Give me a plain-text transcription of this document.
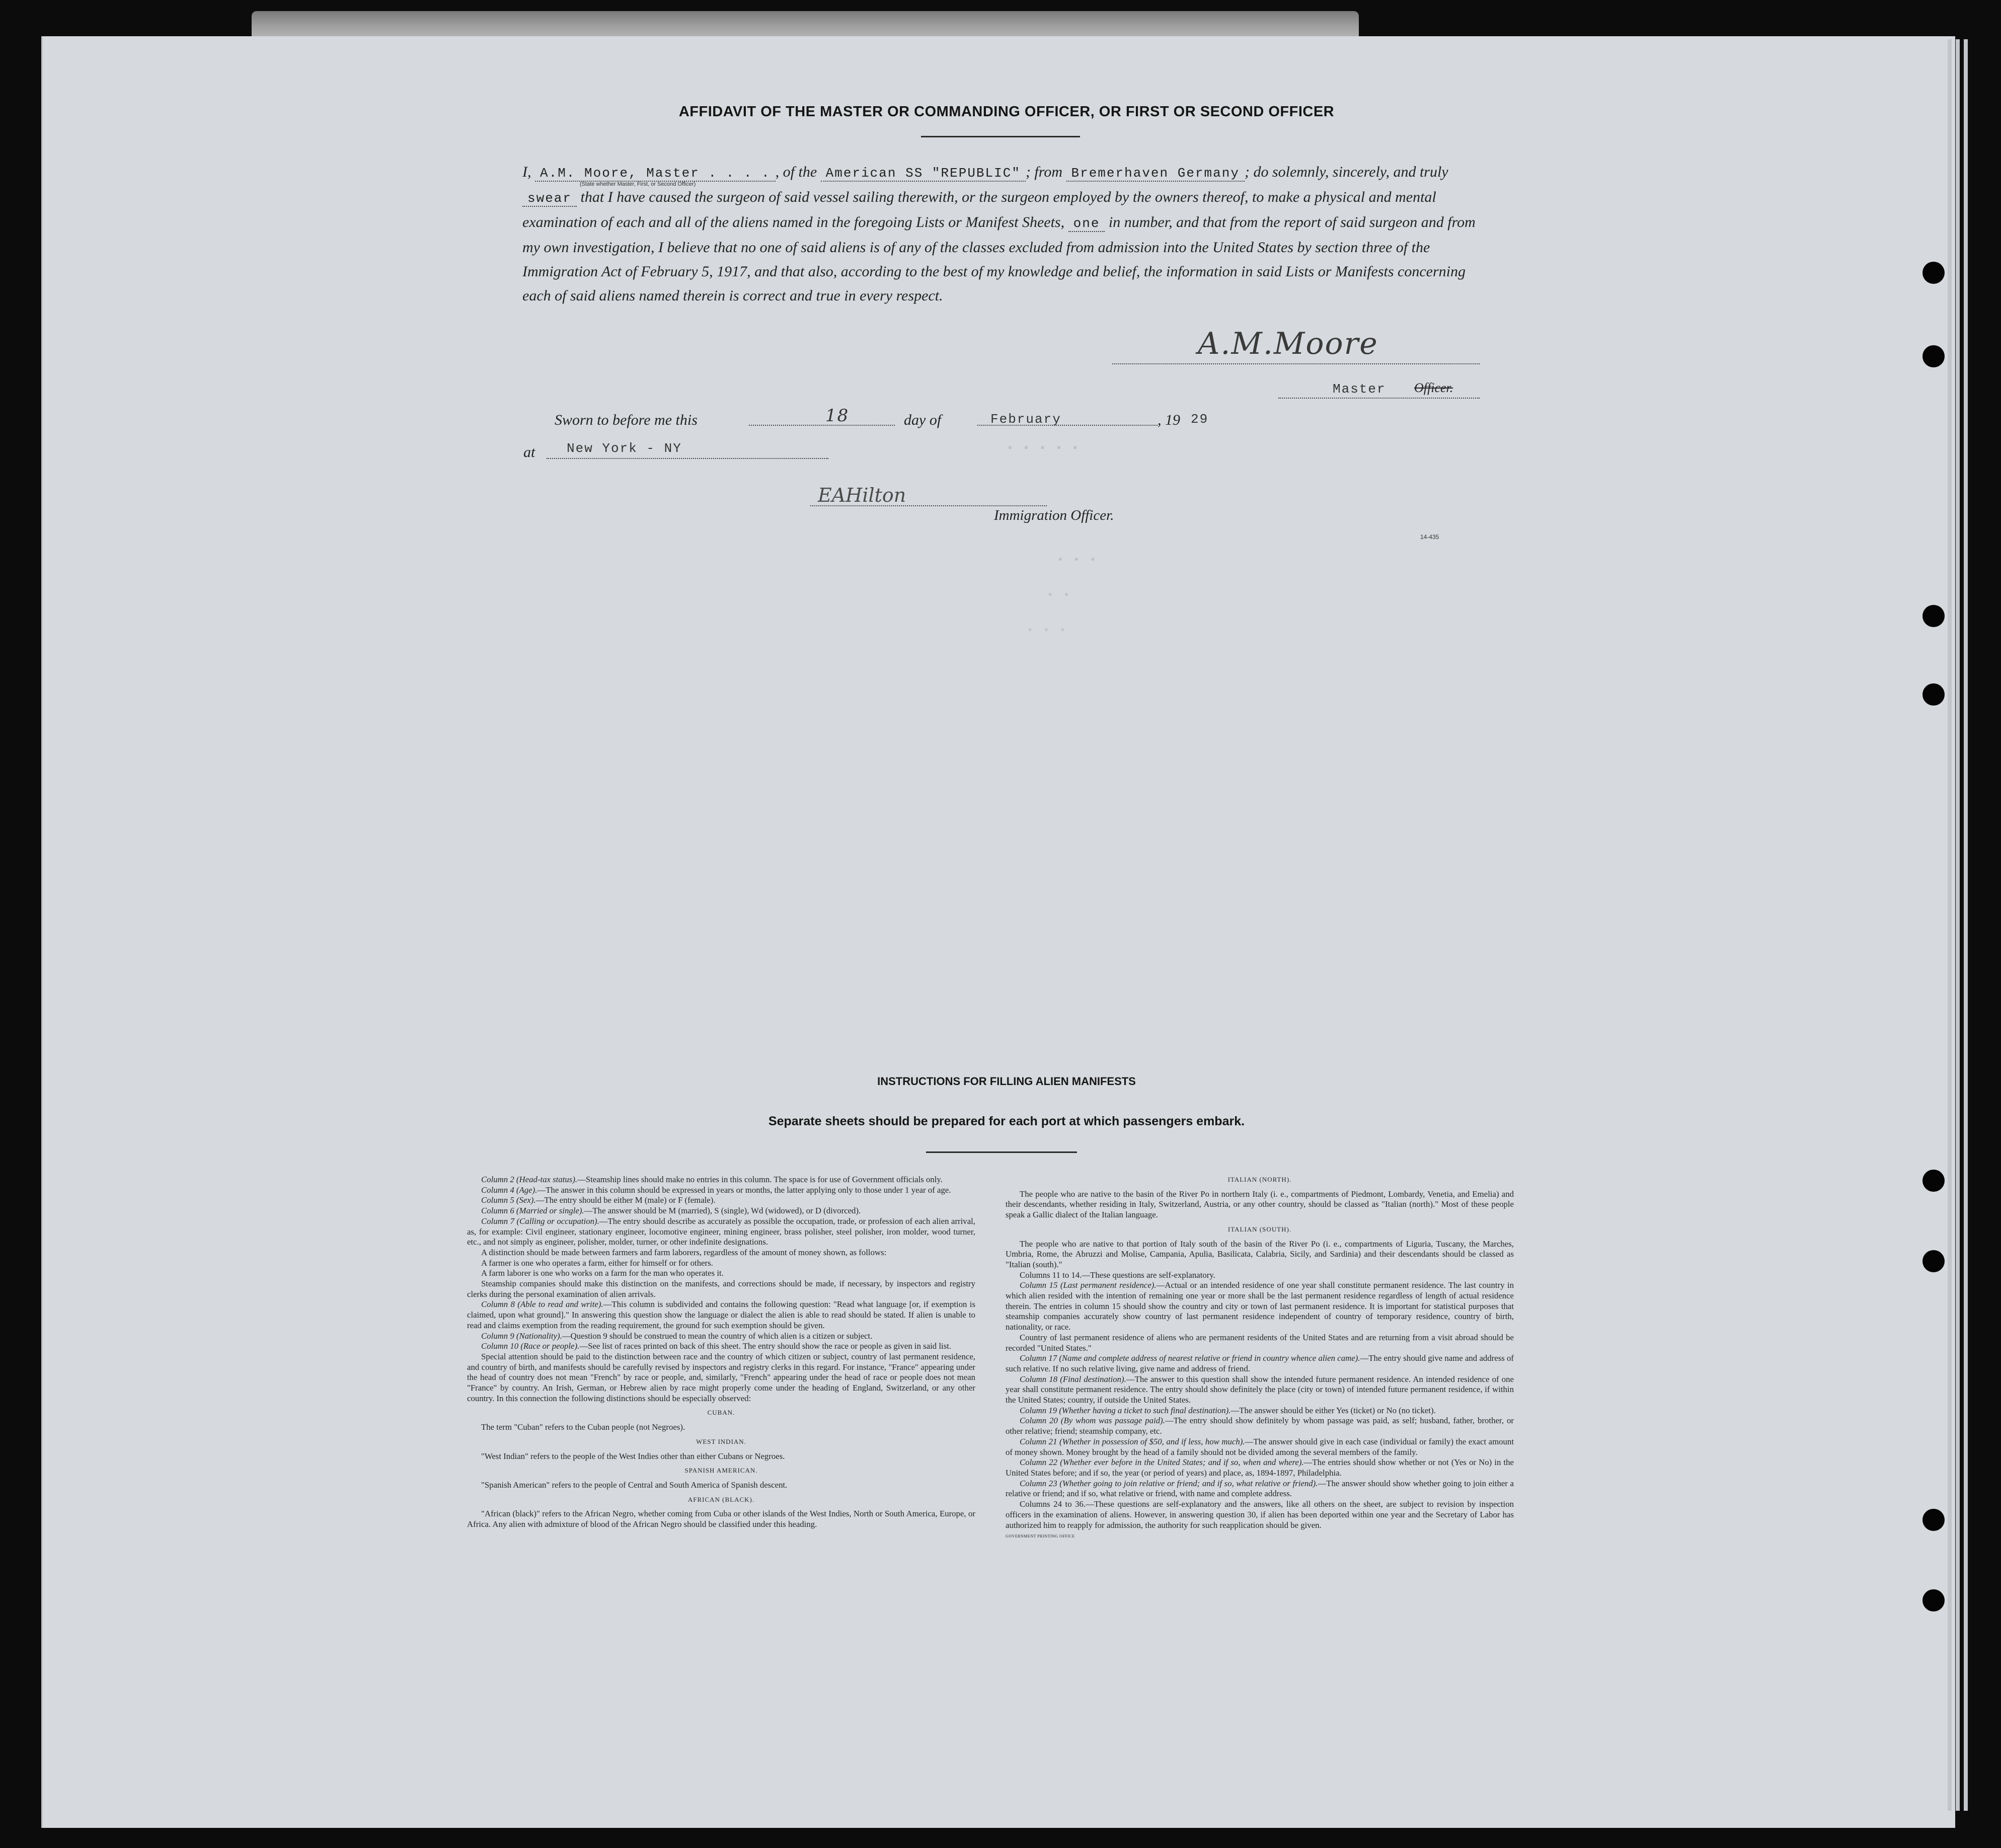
AFFIDAVIT OF THE MASTER OR COMMANDING OFFICER, OR FIRST OR SECOND OFFICER
I, A.M. Moore, Master . . . . , of the American SS "REPUBLIC" ; from Bremerhaven Germany ; do solemnly, sincerely, and truly swear that I have caused the surgeon of said vessel sailing therewith, or the surgeon employed by the owners thereof, to make a physical and mental examination of each and all of the aliens named in the foregoing Lists or Manifest Sheets, one in number, and that from the report of said surgeon and from my own investigation, I believe that no one of said aliens is of any of the classes excluded from admission into the United States by section three of the Immigration Act of February 5, 1917, and that also, according to the best of my knowledge and belief, the information in said Lists or Manifests concerning each of said aliens named therein is correct and true in every respect.
(State whether Master, First, or Second Officer)
A.M.Moore
Master Officer.
Sworn to before me this	18	day of	February	, 19 29
at New York - NY
EAHilton
Immigration Officer.
14-435
▪ ▪ ▪ ▪ ▪
▪ ▪ ▪
▪ ▪
▪ ▪ ▪
INSTRUCTIONS FOR FILLING ALIEN MANIFESTS
Separate sheets should be prepared for each port at which passengers embark.

Column 2 (Head-tax status).—Steamship lines should make no entries in this column. The space is for use of Government officials only.

Column 4 (Age).—The answer in this column should be expressed in years or months, the latter applying only to those under 1 year of age.

Column 5 (Sex).—The entry should be either M (male) or F (female).

Column 6 (Married or single).—The answer should be M (married), S (single), Wd (widowed), or D (divorced).

Column 7 (Calling or occupation).—The entry should describe as accurately as possible the occupation, trade, or profession of each alien arrival, as, for example: Civil engineer, stationary engineer, locomotive engineer, mining engineer, brass polisher, steel polisher, iron molder, wood turner, etc., and not simply as engineer, polisher, molder, turner, or other indefinite designations.

A distinction should be made between farmers and farm laborers, regardless of the amount of money shown, as follows:

A farmer is one who operates a farm, either for himself or for others.

A farm laborer is one who works on a farm for the man who operates it.

Steamship companies should make this distinction on the manifests, and corrections should be made, if necessary, by inspectors and registry clerks during the personal examination of alien arrivals.

Column 8 (Able to read and write).—This column is subdivided and contains the following question: "Read what language [or, if exemption is claimed, upon what ground]." In answering this question show the language or dialect the alien is able to read should be stated. If alien is unable to read and claims exemption from the reading requirement, the ground for such exemption should be given.

Column 9 (Nationality).—Question 9 should be construed to mean the country of which alien is a citizen or subject.

Column 10 (Race or people).—See list of races printed on back of this sheet. The entry should show the race or people as given in said list.

Special attention should be paid to the distinction between race and the country of which citizen or subject, country of last permanent residence, and country of birth, and manifests should be carefully revised by inspectors and registry clerks in this regard. For instance, "France" appearing under the head of country does not mean "French" by race or people, and, similarly, "French" appearing under the head of race or people does not mean "France" by country. An Irish, German, or Hebrew alien by race might properly come under the heading of England, Switzerland, or any other country. In this connection the following distinctions should be especially observed:

CUBAN.

The term "Cuban" refers to the Cuban people (not Negroes).

WEST INDIAN.

"West Indian" refers to the people of the West Indies other than either Cubans or Negroes.

SPANISH AMERICAN.

"Spanish American" refers to the people of Central and South America of Spanish descent.

AFRICAN (BLACK).

"African (black)" refers to the African Negro, whether coming from Cuba or other islands of the West Indies, North or South America, Europe, or Africa. Any alien with admixture of blood of the African Negro should be classified under this heading.

ITALIAN (NORTH).

The people who are native to the basin of the River Po in northern Italy (i. e., compartments of Piedmont, Lombardy, Venetia, and Emelia) and their descendants, whether residing in Italy, Switzerland, Austria, or any other country, should be classed as "Italian (north)." Most of these people speak a Gallic dialect of the Italian language.

ITALIAN (SOUTH).

The people who are native to that portion of Italy south of the basin of the River Po (i. e., compartments of Liguria, Tuscany, the Marches, Umbria, Rome, the Abruzzi and Molise, Campania, Apulia, Basilicata, Calabria, Sicily, and Sardinia) and their descendants should be classed as "Italian (south)."

Columns 11 to 14.—These questions are self-explanatory.

Column 15 (Last permanent residence).—Actual or an intended residence of one year shall constitute permanent residence. The last country in which alien resided with the intention of remaining one year or more shall be the last permanent residence regardless of length of actual residence therein. The entries in column 15 should show the country and city or town of last permanent residence. It is important for statistical purposes that steamship companies accurately show country of last permanent residence independent of country of temporary residence, country of birth, nationality, or race.

Country of last permanent residence of aliens who are permanent residents of the United States and are returning from a visit abroad should be recorded "United States."

Column 17 (Name and complete address of nearest relative or friend in country whence alien came).—The entry should give name and address of such relative. If no such relative living, give name and address of friend.

Column 18 (Final destination).—The answer to this question shall show the intended future permanent residence. An intended residence of one year shall constitute permanent residence. The entry should show definitely the place (city or town) of intended future permanent residence, if within the United States; country, if outside the United States.

Column 19 (Whether having a ticket to such final destination).—The answer should be either Yes (ticket) or No (no ticket).

Column 20 (By whom was passage paid).—The entry should show definitely by whom passage was paid, as self; husband, father, brother, or other relative; friend; steamship company, etc.

Column 21 (Whether in possession of $50, and if less, how much).—The answer should give in each case (individual or family) the exact amount of money shown. Money brought by the head of a family should not be divided among the several members of the family.

Column 22 (Whether ever before in the United States; and if so, when and where).—The entries should show whether or not (Yes or No) in the United States before; and if so, the year (or period of years) and place, as, 1894-1897, Philadelphia.

Column 23 (Whether going to join relative or friend; and if so, what relative or friend).—The answer should show whether going to join either a relative or friend; and if so, what relative or friend, with name and complete address.

Columns 24 to 36.—These questions are self-explanatory and the answers, like all others on the sheet, are subject to revision by inspection officers in the examination of aliens. However, in answering question 30, if alien has been deported within one year and the Secretary of Labor has authorized him to reapply for admission, the authority for such reapplication should be given.

GOVERNMENT PRINTING OFFICE
